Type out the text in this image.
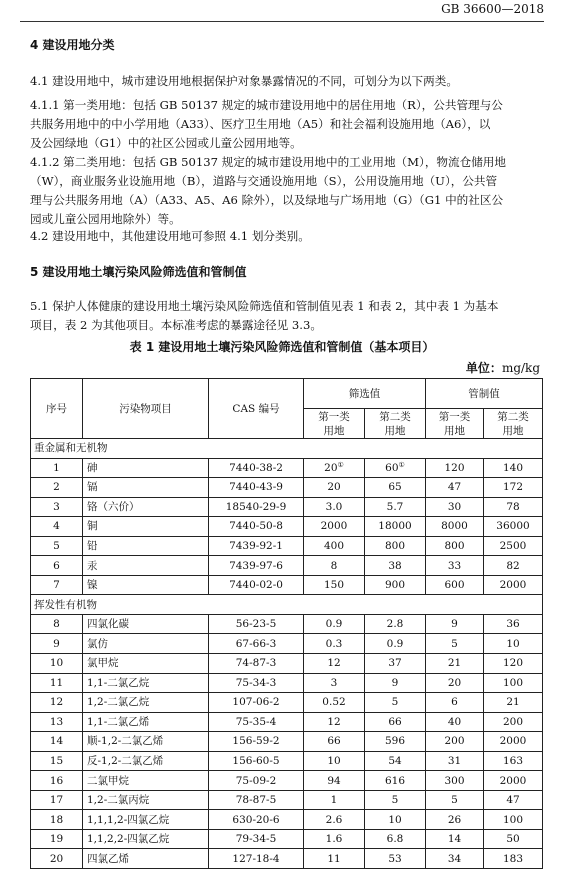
GB 36600—2018
4 建设用地分类
4.1 建设用地中，城市建设用地根据保护对象暴露情况的不同，可划分为以下两类。
4.1.1 第一类用地：包括 GB 50137 规定的城市建设用地中的居住用地（R），公共管理与公
共服务用地中的中小学用地（A33）、医疗卫生用地（A5）和社会福利设施用地（A6），以
及公园绿地（G1）中的社区公园或儿童公园用地等。
4.1.2 第二类用地：包括 GB 50137 规定的城市建设用地中的工业用地（M），物流仓储用地
（W），商业服务业设施用地（B），道路与交通设施用地（S），公用设施用地（U），公共管
理与公共服务用地（A）（A33、A5、A6 除外），以及绿地与广场用地（G）（G1 中的社区公
园或儿童公园用地除外）等。
4.2 建设用地中，其他建设用地可参照 4.1 划分类别。
5 建设用地土壤污染风险筛选值和管制值
5.1 保护人体健康的建设用地土壤污染风险筛选值和管制值见表 1 和表 2，其中表 1 为基本
项目，表 2 为其他项目。本标准考虑的暴露途径见 3.3。
表 1 建设用地土壤污染风险筛选值和管制值（基本项目）
单位：mg/kg
序号	污染物项目	CAS 编号	筛选值		管制值	
			第一类
用地	第二类
用地	第一类
用地	第二类
用地
重金属和无机物						
1	砷	7440-38-2	20①	60①	120	140
2	镉	7440-43-9	20	65	47	172
3	铬（六价）	18540-29-9	3.0	5.7	30	78
4	铜	7440-50-8	2000	18000	8000	36000
5	铅	7439-92-1	400	800	800	2500
6	汞	7439-97-6	8	38	33	82
7	镍	7440-02-0	150	900	600	2000
挥发性有机物						
8	四氯化碳	56-23-5	0.9	2.8	9	36
9	氯仿	67-66-3	0.3	0.9	5	10
10	氯甲烷	74-87-3	12	37	21	120
11	1,1-二氯乙烷	75-34-3	3	9	20	100
12	1,2-二氯乙烷	107-06-2	0.52	5	6	21
13	1,1-二氯乙烯	75-35-4	12	66	40	200
14	顺-1,2-二氯乙烯	156-59-2	66	596	200	2000
15	反-1,2-二氯乙烯	156-60-5	10	54	31	163
16	二氯甲烷	75-09-2	94	616	300	2000
17	1,2-二氯丙烷	78-87-5	1	5	5	47
18	1,1,1,2-四氯乙烷	630-20-6	2.6	10	26	100
19	1,1,2,2-四氯乙烷	79-34-5	1.6	6.8	14	50
20	四氯乙烯	127-18-4	11	53	34	183
